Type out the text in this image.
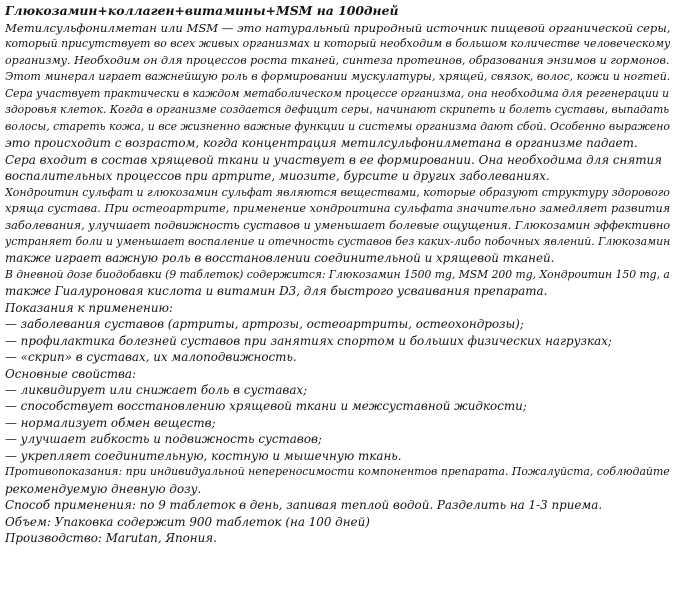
Глюкозамин+коллаген+витамины+MSM на 100дней
Метилсульфонилметан или MSM — это натуральный природный источник пищевой органической серы,
который присутствует во всех живых организмах и который необходим в большом количестве человеческому
организму. Необходим он для процессов роста тканей, синтеза протеинов, образования энзимов и гормонов.
Этот минерал играет важнейшую роль в формировании мускулатуры, хрящей, связок, волос, кожи и ногтей.
Сера участвует практически в каждом метаболическом процессе организма, она необходима для регенерации и
здоровья клеток. Когда в организме создается дефицит серы, начинают скрипеть и болеть суставы, выпадать
волосы, стареть кожа, и все жизненно важные функции и системы организма дают сбой. Особенно выражено
это происходит с возрастом, когда концентрация метилсульфонилметана в организме падает.
Сера входит в состав хрящевой ткани и участвует в ее формировании. Она необходима для снятия
воспалительных процессов при артрите, миозите, бурсите и других заболеваниях.
Хондроитин сульфат и глюкозамин сульфат являются веществами, которые образуют структуру здорового
хряща сустава. При остеоартрите, применение хондроитина сульфата значительно замедляет развития
заболевания, улучшает подвижность суставов и уменьшает болевые ощущения. Глюкозамин эффективно
устраняет боли и уменьшает воспаление и отечность суставов без каких-либо побочных явлений. Глюкозамин
также играет важную роль в восстановлении соединительной и хрящевой тканей.
В дневной дозе биодобавки (9 таблеток) содержится: Глюкозамин 1500 mg, MSM 200 mg, Хондроитин 150 mg, а
также Гиалуроновая кислота и витамин D3, для быстрого усваивания препарата.
Показания к применению:
— заболевания суставов (артриты, артрозы, остеоартриты, остеохондрозы);
— профилактика болезней суставов при занятиях спортом и больших физических нагрузках;
— «скрип» в суставах, их малоподвижность.
Основные свойства:
— ликвидирует или снижает боль в суставах;
— способствует восстановлению хрящевой ткани и межсуставной жидкости;
— нормализует обмен веществ;
— улучшает гибкость и подвижность суставов;
— укрепляет соединительную, костную и мышечную ткань.
Противопоказания: при индивидуальной непереносимости компонентов препарата. Пожалуйста, соблюдайте
рекомендуемую дневную дозу.
Способ применения: по 9 таблеток в день, запивая теплой водой. Разделить на 1-3 приема.
Объем: Упаковка содержит 900 таблеток (на 100 дней)
Производство: Marutan, Япония.
